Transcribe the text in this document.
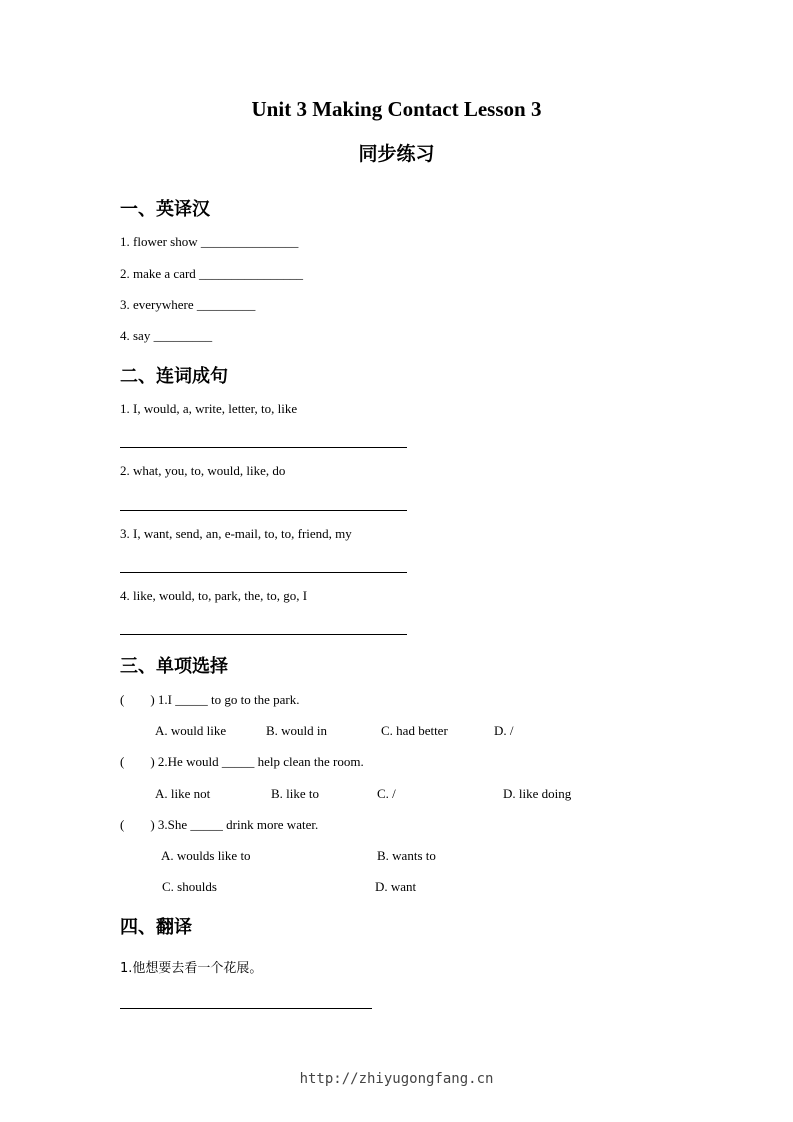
Unit 3 Making Contact Lesson 3
同步练习
一、英译汉
1. flower show _______________
2. make a card ________________
3. everywhere _________
4. say _________
二、连词成句
1. I, would, a, write, letter, to, like
2. what, you, to, would, like, do
3. I, want, send, an, e-mail, to, to, friend, my
4. like, would, to, park, the, to, go, I
三、单项选择
(        ) 1.I _____ to go to the park.
A. would like	B. would in	C. had better	D. /
(        ) 2.He would _____ help clean the room.
A. like not	B. like to	C. /	D. like doing
(        ) 3.She _____ drink more water.
A. woulds like to	B. wants to
C. shoulds	D. want
四、翻译
1.他想要去看一个花展。
http://zhiyugongfang.cn
